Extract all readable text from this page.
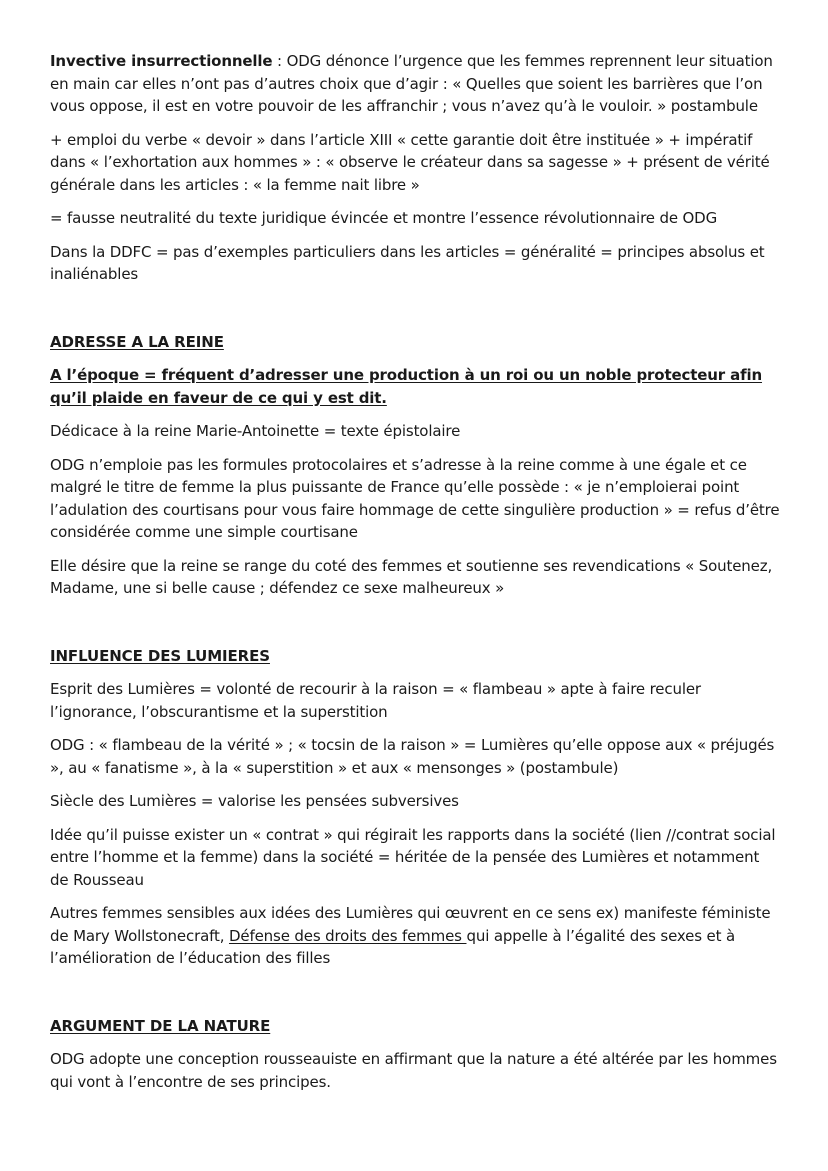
Invective insurrectionnelle : ODG dénonce l’urgence que les femmes reprennent leur situation en main car elles n’ont pas d’autres choix que d’agir : « Quelles que soient les barrières que l’on vous oppose, il est en votre pouvoir de les affranchir ; vous n’avez qu’à le vouloir. » postambule

+ emploi du verbe « devoir » dans l’article XIII « cette garantie doit être instituée » + impératif dans « l’exhortation aux hommes » : « observe le créateur dans sa sagesse » + présent de vérité générale dans les articles : « la femme nait libre »

= fausse neutralité du texte juridique évincée et montre l’essence révolutionnaire de ODG

Dans la DDFC = pas d’exemples particuliers dans les articles = généralité = principes absolus et inaliénables

ADRESSE A LA REINE

A l’époque = fréquent d’adresser une production à un roi ou un noble protecteur afin qu’il plaide en faveur de ce qui y est dit.

Dédicace à la reine Marie-Antoinette = texte épistolaire

ODG n’emploie pas les formules protocolaires et s’adresse à la reine comme à une égale et ce malgré le titre de femme la plus puissante de France qu’elle possède : « je n’emploierai point l’adulation des courtisans pour vous faire hommage de cette singulière production » = refus d’être considérée comme une simple courtisane

Elle désire que la reine se range du coté des femmes et soutienne ses revendications « Soutenez, Madame, une si belle cause ; défendez ce sexe malheureux »

INFLUENCE DES LUMIERES

Esprit des Lumières = volonté de recourir à la raison = « flambeau » apte à faire reculer l’ignorance, l’obscurantisme et la superstition

ODG : « flambeau de la vérité » ; « tocsin de la raison » = Lumières qu’elle oppose aux « préjugés », au « fanatisme », à la « superstition » et aux « mensonges » (postambule)

Siècle des Lumières = valorise les pensées subversives

Idée qu’il puisse exister un « contrat » qui régirait les rapports dans la société (lien //contrat social entre l’homme et la femme) dans la société = héritée de la pensée des Lumières et notamment de Rousseau

Autres femmes sensibles aux idées des Lumières qui œuvrent en ce sens ex) manifeste féministe de Mary Wollstonecraft, Défense des droits des femmes qui appelle à l’égalité des sexes et à l’amélioration de l’éducation des filles

ARGUMENT DE LA NATURE

ODG adopte une conception rousseauiste en affirmant que la nature a été altérée par les hommes qui vont à l’encontre de ses principes.
